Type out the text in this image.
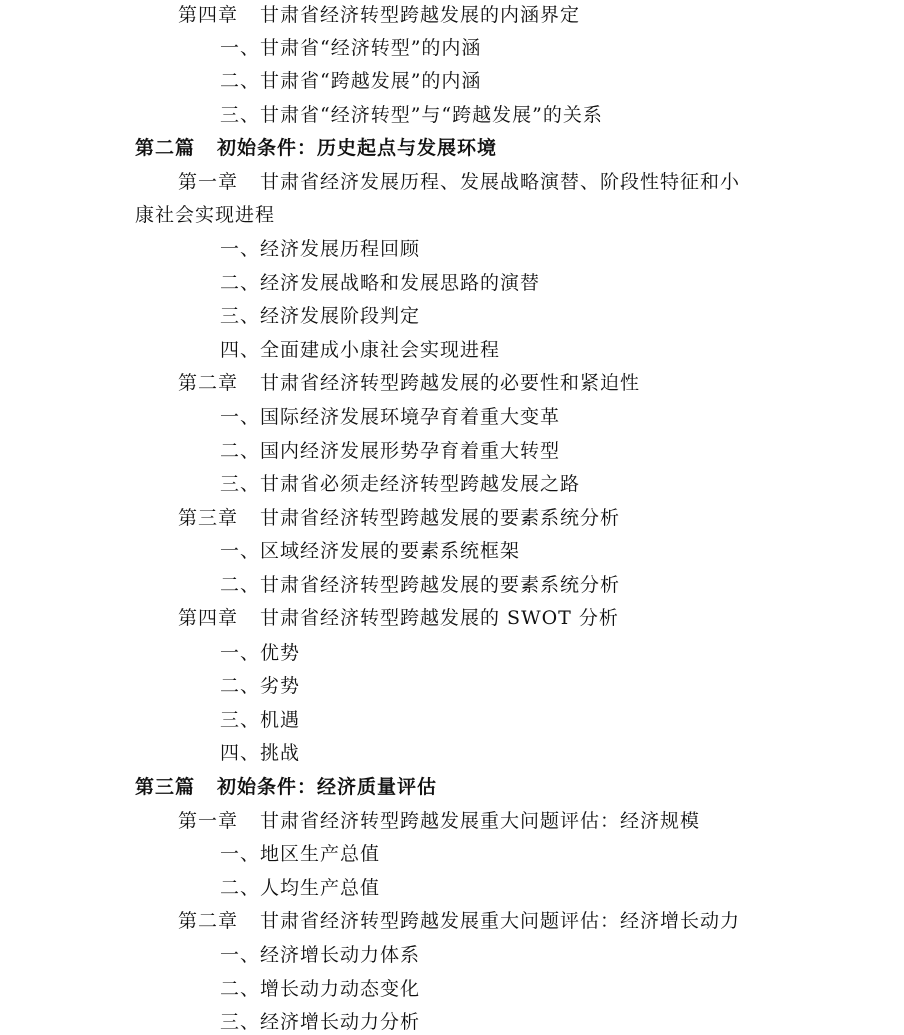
第四章 甘肃省经济转型跨越发展的内涵界定
一、甘肃省“经济转型”的内涵
二、甘肃省“跨越发展”的内涵
三、甘肃省“经济转型”与“跨越发展”的关系
第二篇 初始条件：历史起点与发展环境
第一章 甘肃省经济发展历程、发展战略演替、阶段性特征和小
康社会实现进程
一、经济发展历程回顾
二、经济发展战略和发展思路的演替
三、经济发展阶段判定
四、全面建成小康社会实现进程
第二章 甘肃省经济转型跨越发展的必要性和紧迫性
一、国际经济发展环境孕育着重大变革
二、国内经济发展形势孕育着重大转型
三、甘肃省必须走经济转型跨越发展之路
第三章 甘肃省经济转型跨越发展的要素系统分析
一、区域经济发展的要素系统框架
二、甘肃省经济转型跨越发展的要素系统分析
第四章 甘肃省经济转型跨越发展的 SWOT 分析
一、优势
二、劣势
三、机遇
四、挑战
第三篇 初始条件：经济质量评估
第一章 甘肃省经济转型跨越发展重大问题评估：经济规模
一、地区生产总值
二、人均生产总值
第二章 甘肃省经济转型跨越发展重大问题评估：经济增长动力
一、经济增长动力体系
二、增长动力动态变化
三、经济增长动力分析
